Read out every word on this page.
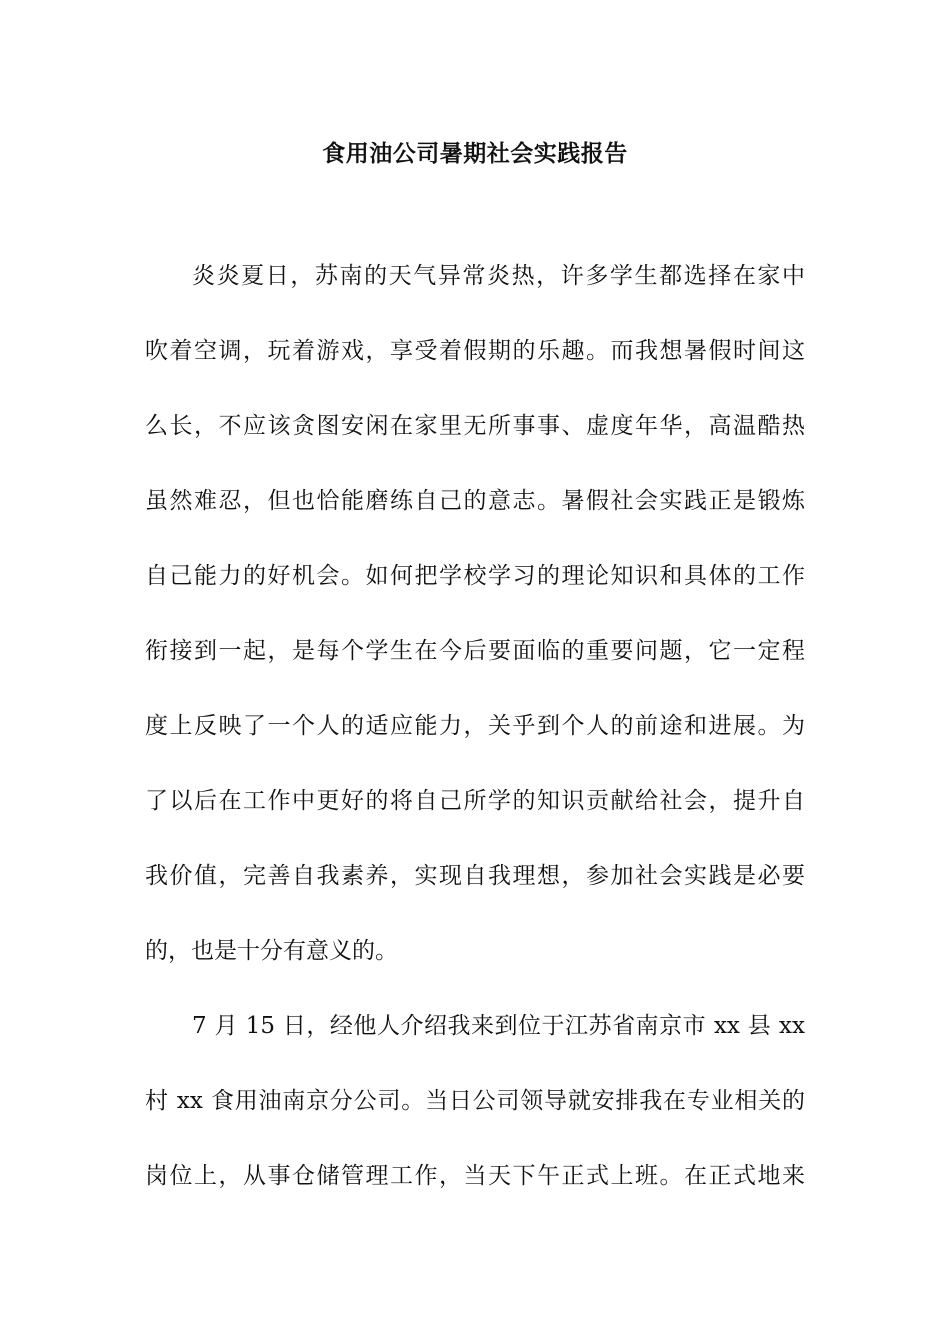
食用油公司暑期社会实践报告
炎炎夏日，苏南的天气异常炎热，许多学生都选择在家中
吹着空调，玩着游戏，享受着假期的乐趣。而我想暑假时间这
么长，不应该贪图安闲在家里无所事事、虚度年华，高温酷热
虽然难忍，但也恰能磨练自己的意志。暑假社会实践正是锻炼
自己能力的好机会。如何把学校学习的理论知识和具体的工作
衔接到一起，是每个学生在今后要面临的重要问题，它一定程
度上反映了一个人的适应能力，关乎到个人的前途和进展。为
了以后在工作中更好的将自己所学的知识贡献给社会，提升自
我价值，完善自我素养，实现自我理想，参加社会实践是必要
的，也是十分有意义的。
7 月 15 日，经他人介绍我来到位于江苏省南京市 xx 县 xx
村 xx 食用油南京分公司。当日公司领导就安排我在专业相关的
岗位上，从事仓储管理工作，当天下午正式上班。在正式地来
